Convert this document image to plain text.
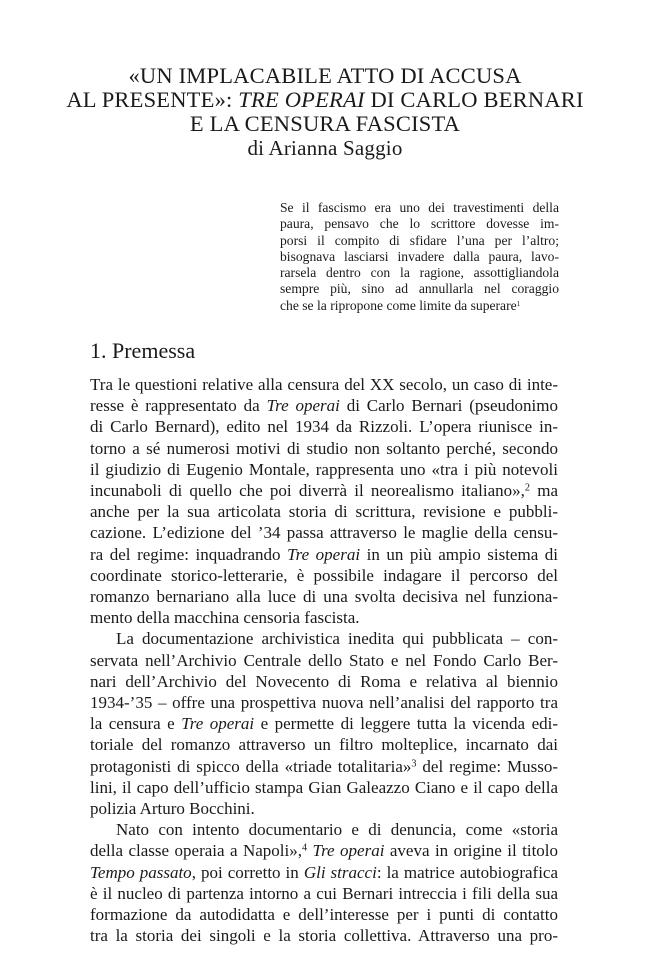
«UN IMPLACABILE ATTO DI ACCUSA
AL PRESENTE»: TRE OPERAI DI CARLO BERNARI
E LA CENSURA FASCISTA
di Arianna Saggio
Se il fascismo era uno dei travestimenti della
paura, pensavo che lo scrittore dovesse im-
porsi il compito di sfidare l’una per l’altro;
bisognava lasciarsi invadere dalla paura, lavo-
rarsela dentro con la ragione, assottigliandola
sempre più, sino ad annullarla nel coraggio
che se la ripropone come limite da superare$^1$
1. Premessa
Tra le questioni relative alla censura del XX secolo, un caso di inte-
resse è rappresentato da Tre operai di Carlo Bernari (pseudonimo
di Carlo Bernard), edito nel 1934 da Rizzoli. L’opera riunisce in-
torno a sé numerosi motivi di studio non soltanto perché, secondo
il giudizio di Eugenio Montale, rappresenta uno «tra i più notevoli
incunaboli di quello che poi diverrà il neorealismo italiano»,$^2$ ma
anche per la sua articolata storia di scrittura, revisione e pubbli-
cazione. L’edizione del ’34 passa attraverso le maglie della censu-
ra del regime: inquadrando Tre operai in un più ampio sistema di
coordinate storico-letterarie, è possibile indagare il percorso del
romanzo bernariano alla luce di una svolta decisiva nel funziona-
mento della macchina censoria fascista.
La documentazione archivistica inedita qui pubblicata – con-
servata nell’Archivio Centrale dello Stato e nel Fondo Carlo Ber-
nari dell’Archivio del Novecento di Roma e relativa al biennio
1934-’35 – offre una prospettiva nuova nell’analisi del rapporto tra
la censura e Tre operai e permette di leggere tutta la vicenda edi-
toriale del romanzo attraverso un filtro molteplice, incarnato dai
protagonisti di spicco della «triade totalitaria»$^3$ del regime: Musso-
lini, il capo dell’ufficio stampa Gian Galeazzo Ciano e il capo della
polizia Arturo Bocchini.
Nato con intento documentario e di denuncia, come «storia
della classe operaia a Napoli»,$^4$ Tre operai aveva in origine il titolo
Tempo passato, poi corretto in Gli stracci: la matrice autobiografica
è il nucleo di partenza intorno a cui Bernari intreccia i fili della sua
formazione da autodidatta e dell’interesse per i punti di contatto
tra la storia dei singoli e la storia collettiva. Attraverso una pro-
